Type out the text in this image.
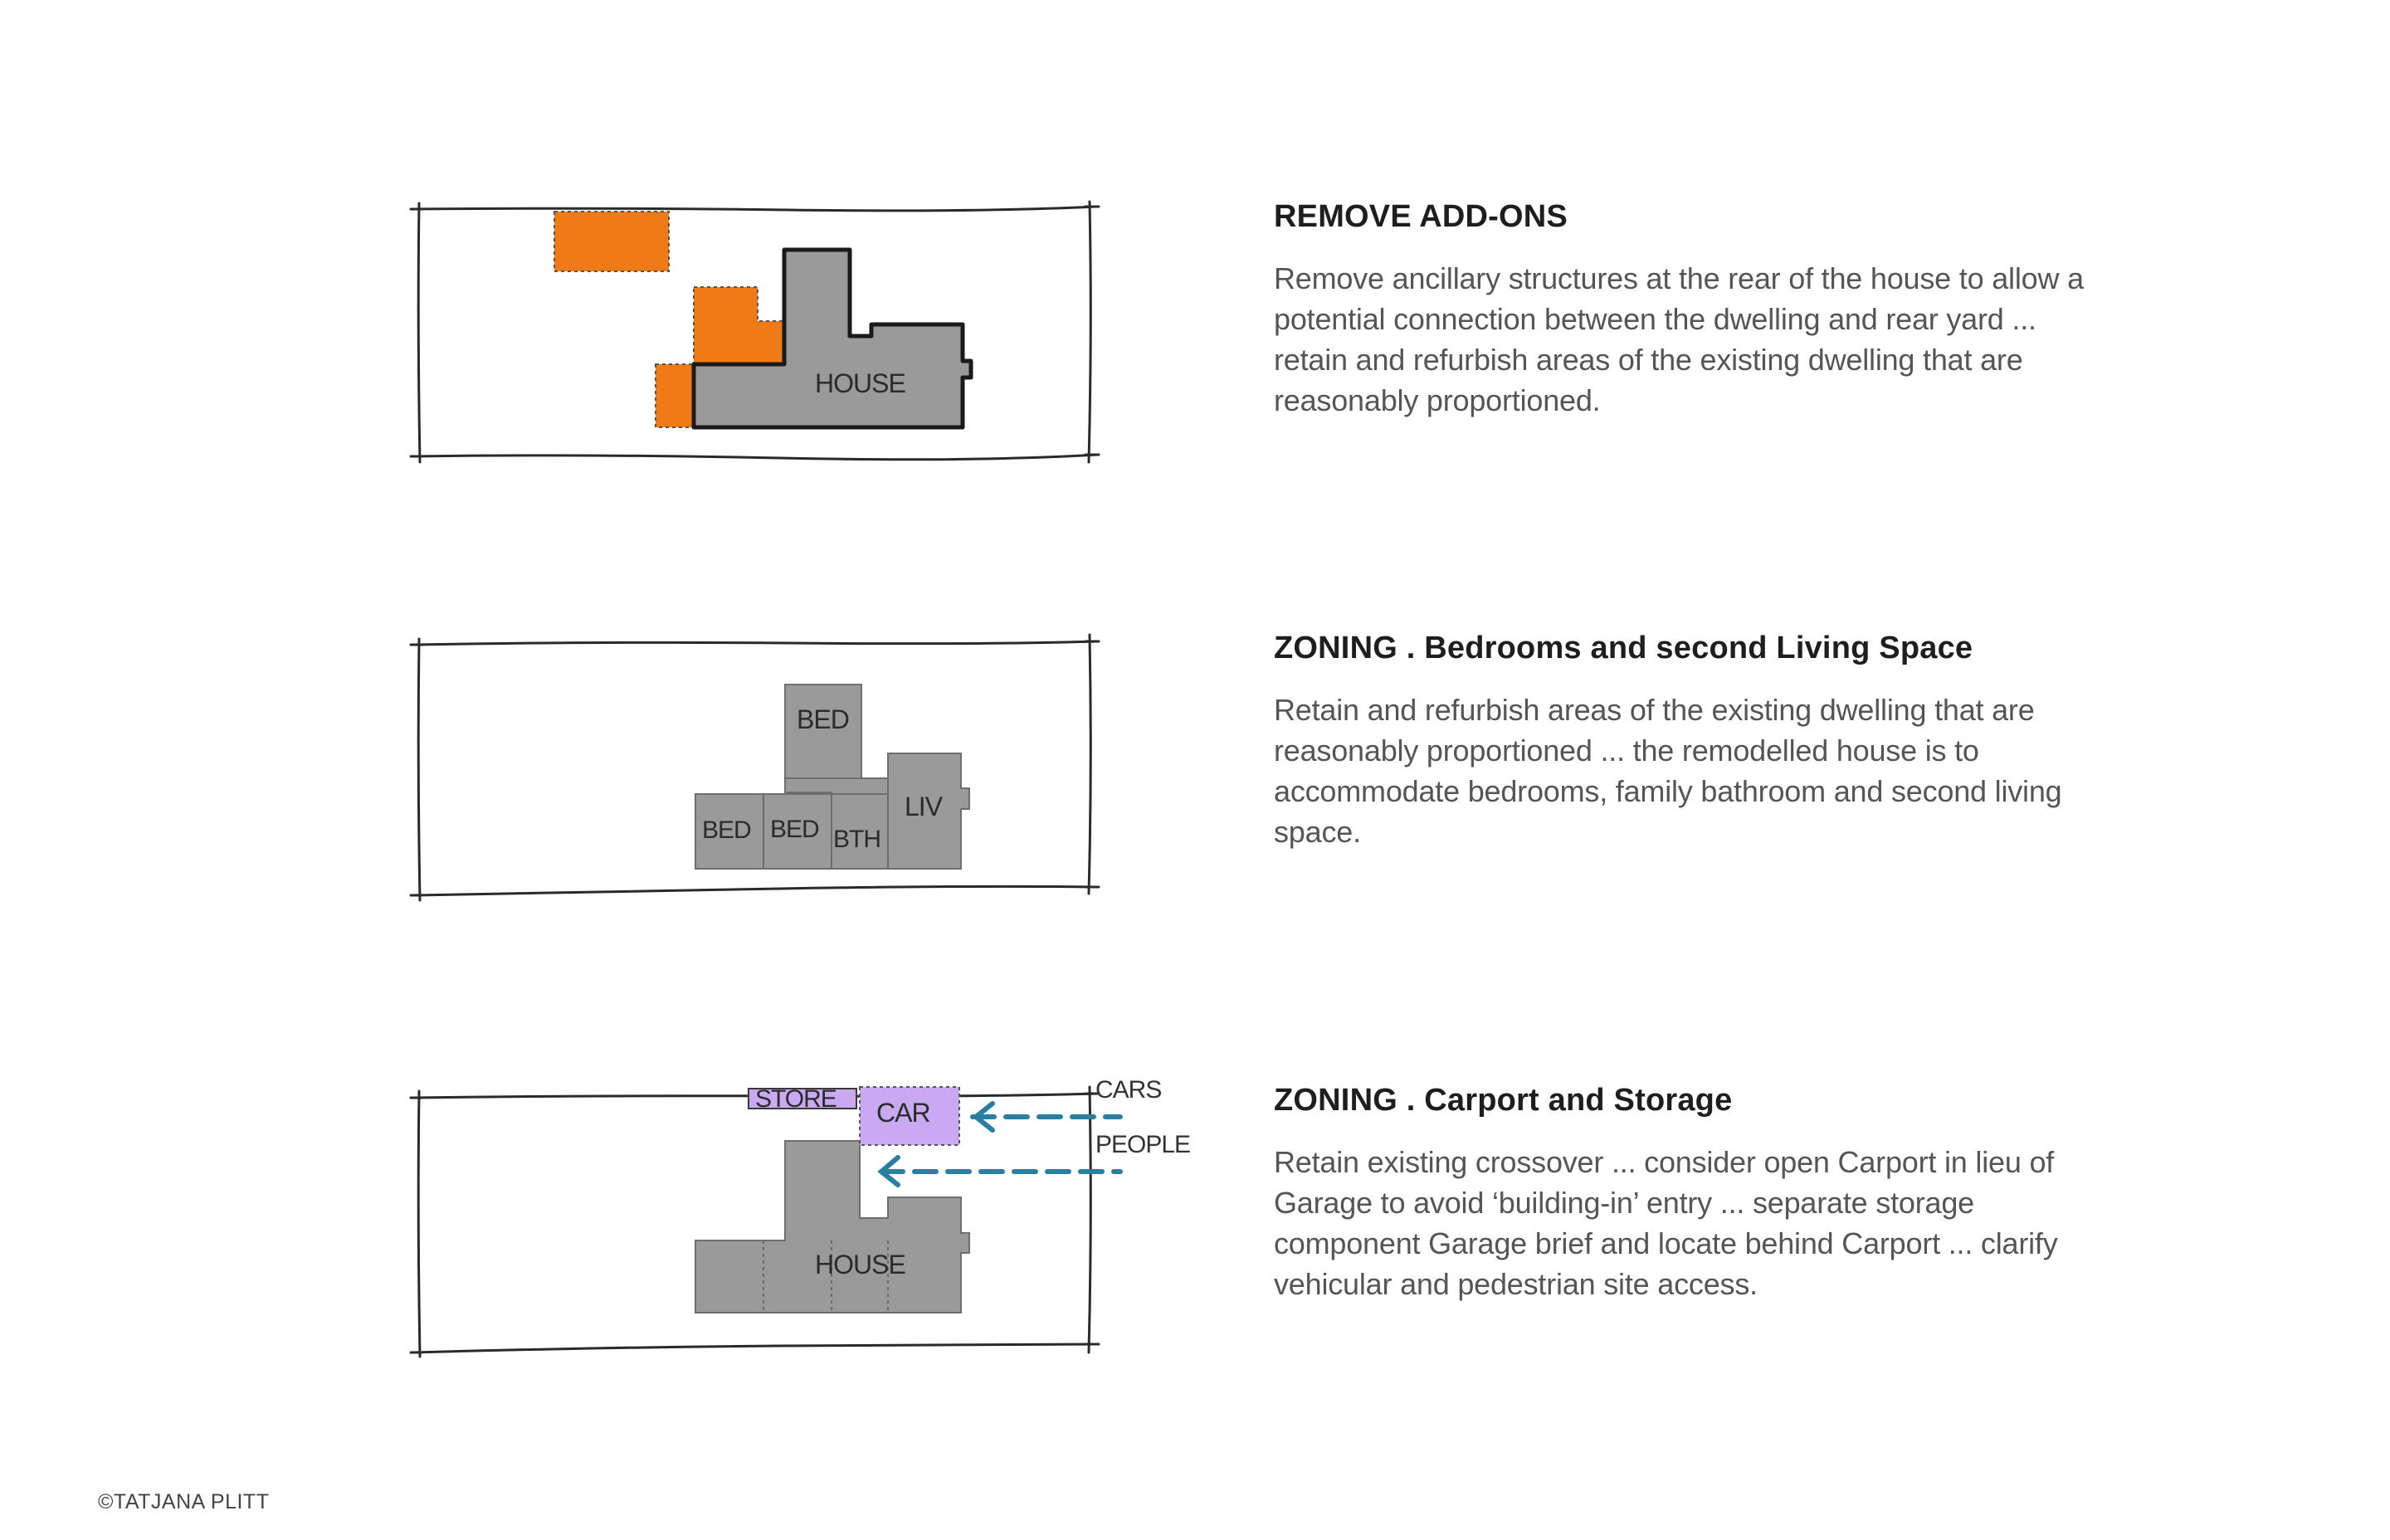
HOUSE
REMOVE ADD-ONS

Remove ancillary structures at the rear of the house to allow a potential connection between the dwelling and rear yard ... retain and refurbish areas of the existing dwelling that are reasonably proportioned.

BED
BED BED BTH
LIV
ZONING . Bedrooms and second Living Space

Retain and refurbish areas of the existing dwelling that are reasonably proportioned ... the remodelled house is to accommodate bedrooms, family bathroom and second living space.

STORE CAR
HOUSE
CARS
PEOPLE
ZONING . Carport and Storage

Retain existing crossover ... consider open Carport in lieu of Garage to avoid ‘building-in’ entry ... separate storage component Garage brief and locate behind Carport ... clarify vehicular and pedestrian site access.

©TATJANA PLITT
